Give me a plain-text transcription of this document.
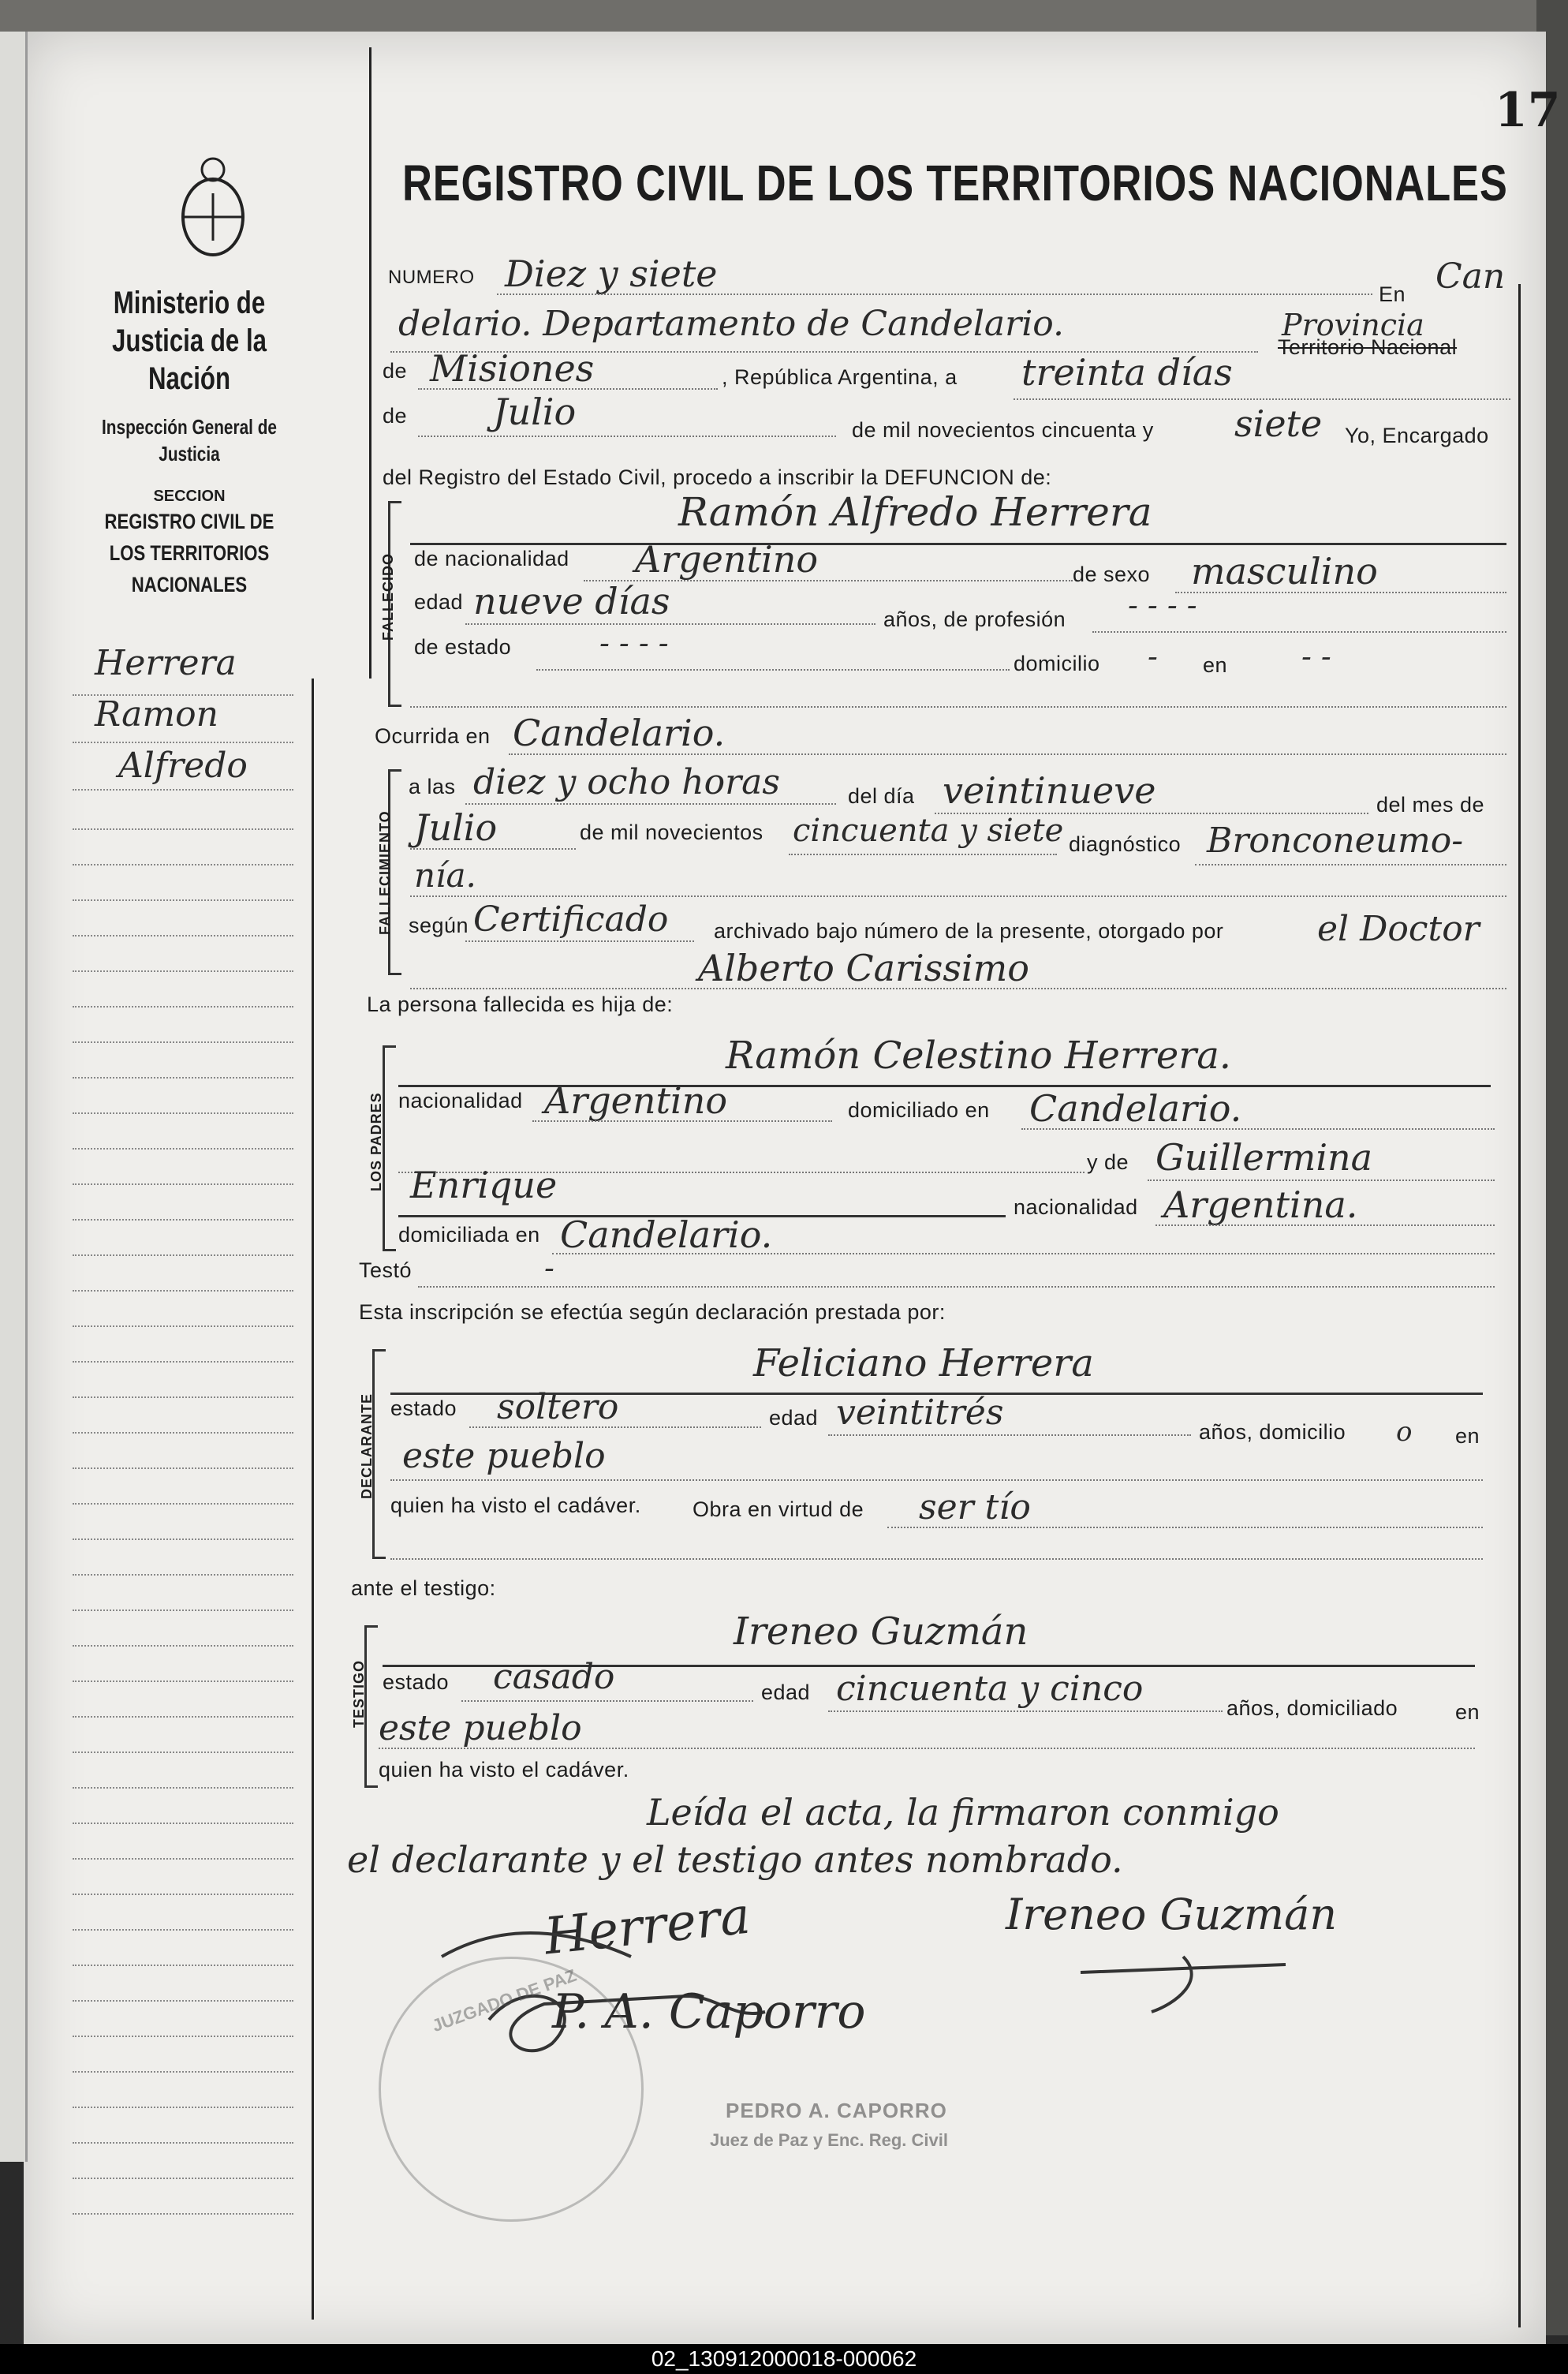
17
Ministerio de Justicia de la Nación
Inspección General de Justicia
SECCION
REGISTRO CIVIL DE LOS TERRITORIOS NACIONALES
Herrera
Ramon
Alfredo
REGISTRO CIVIL DE LOS TERRITORIOS NACIONALES
NUMERO Diez y siete	En Can
delario. Departamento de Candelario.	Provincia
Territorio Nacional
de Misiones	, República Argentina, a treinta días
de Julio	de mil novecientos cincuenta y siete Yo, Encargado
del Registro del Estado Civil, procedo a inscribir la DEFUNCION de:
FALLECIDO
Ramón Alfredo Herrera
de nacionalidad Argentino	de sexo masculino
edad nueve días	años, de profesión - - - -
de estado	- - - -
domicilio - en - -
Ocurrida en Candelario.
FALLECIMIENTO
a las diez y ocho horas	del día veintinueve	del mes de
Julio	de mil novecientos cincuenta y siete diagnóstico Bronconeumo-
nía.
según Certificado archivado bajo número de la presente, otorgado por	el Doctor
Alberto Carissimo
La persona fallecida es hija de:
LOS PADRES
Ramón Celestino Herrera.
nacionalidad Argentino	domiciliado en Candelario.
y de Guillermina
Enrique
nacionalidad Argentina.
domiciliada en Candelario.
Testó	-
Esta inscripción se efectúa según declaración prestada por:
DECLARANTE
Feliciano Herrera
estado soltero	edad veintitrés	años, domicilio o en
este pueblo
quien ha visto el cadáver. Obra en virtud de ser tío
ante el testigo:
TESTIGO
Ireneo Guzmán
estado casado	edad cincuenta y cinco	años, domiciliado	en
este pueblo
quien ha visto el cadáver.
Leída el acta, la firmaron conmigo
el declarante y el testigo antes nombrado.
Herrera	Ireneo Guzmán
P. A. Caporro
JUZGADO DE PAZ
PEDRO A. CAPORRO
Juez de Paz y Enc. Reg. Civil
02_130912000018-000062
